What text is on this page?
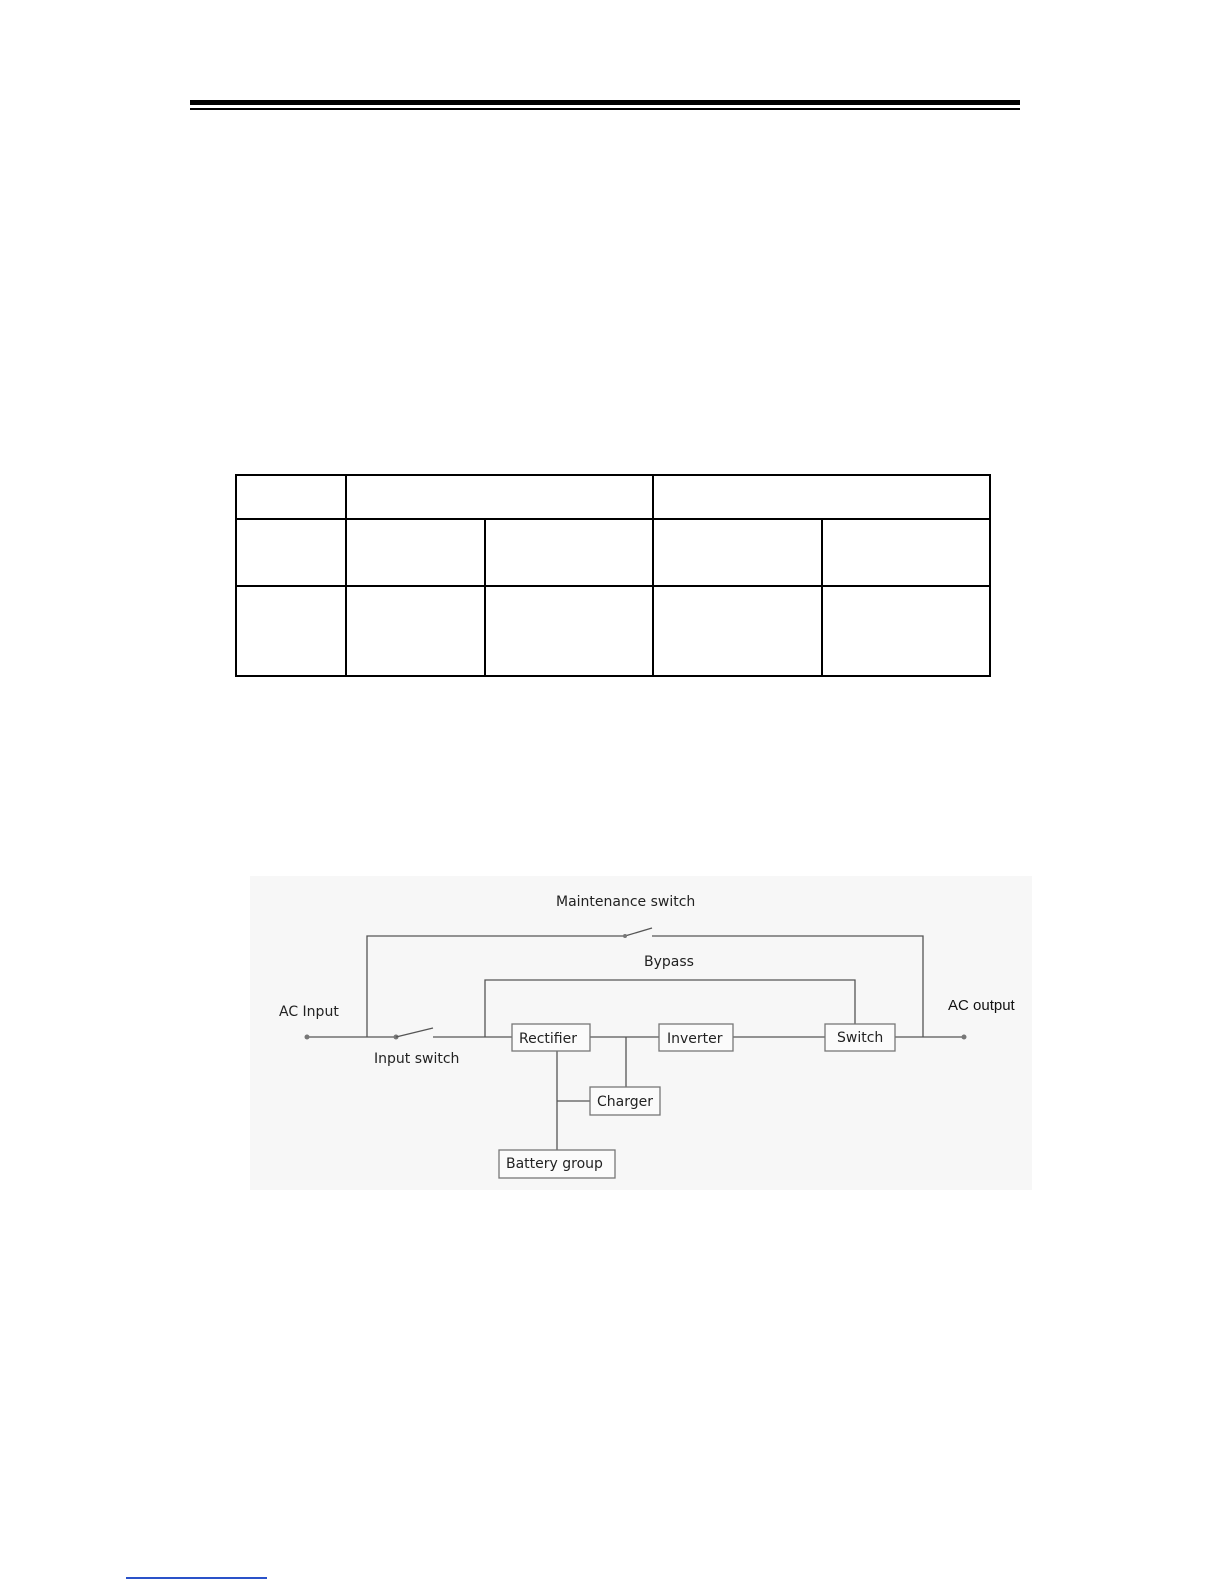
Maintenance switch
Bypass
AC Input
Input switch
AC output
Rectifier	Inverter	Switch
Charger
Battery group
